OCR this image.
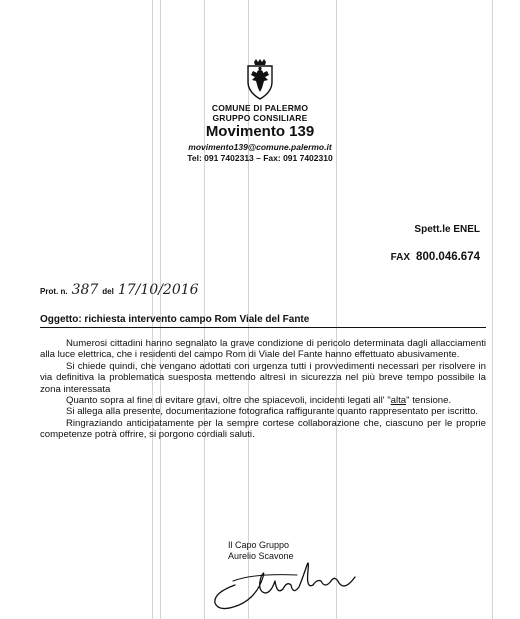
COMUNE DI PALERMO
GRUPPO CONSILIARE
Movimento 139
movimento139@comune.palermo.it
Tel: 091 7402313 – Fax: 091 7402310
Spett.le ENEL
FAX 800.046.674
Prot. n. 387 del 17/10/2016
Oggetto: richiesta intervento campo Rom Viale del Fante

Numerosi cittadini hanno segnalato la grave condizione di pericolo determinata dagli allacciamenti alla luce elettrica, che i residenti del campo Rom di Viale del Fante hanno effettuato abusivamente.

Si chiede quindi, che vengano adottati con urgenza tutti i provvedimenti necessari per risolvere in via definitiva la problematica suesposta mettendo altresì in sicurezza nel più breve tempo possibile la zona interessata

Quanto sopra al fine di evitare gravi, oltre che spiacevoli, incidenti legati all' "alta" tensione.

Si allega alla presente, documentazione fotografica raffigurante quanto rappresentato per iscritto.

Ringraziando anticipatamente per la sempre cortese collaborazione che, ciascuno per le proprie competenze potrà offrire, si porgono cordiali saluti.

Il Capo Gruppo
Aurelio Scavone
